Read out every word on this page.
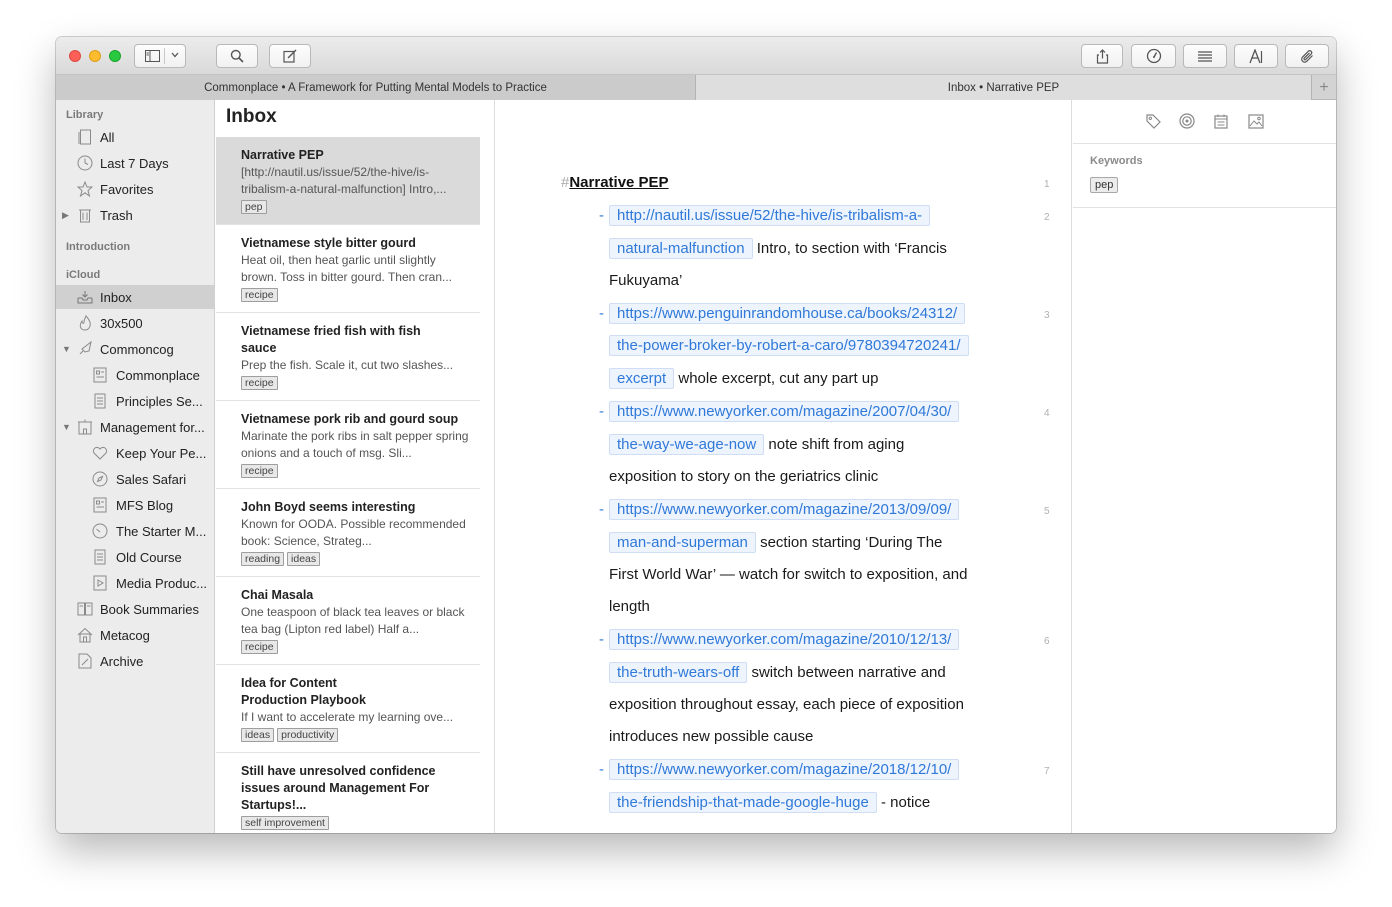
Commonplace • A Framework for Putting Mental Models to Practice	Inbox • Narrative PEP	+
Library
All
Last 7 Days
Favorites
▶ Trash
Introduction
iCloud
Inbox
30x500
▼ Commoncog
Commonplace
Principles Se...
▼ Management for...
Keep Your Pe...
Sales Safari
MFS Blog
The Starter M...
Old Course
Media Produc...
Book Summaries
Metacog
Archive
Inbox
Narrative PEP
[http://nautil.us/issue/52/the-hive/is-tribalism-a-natural-malfunction] Intro,...
pep
Vietnamese style bitter gourd
Heat oil, then heat garlic until slightly brown. Toss in bitter gourd. Then cran...
recipe
Vietnamese fried fish with fish sauce
Prep the fish. Scale it, cut two slashes...
recipe
Vietnamese pork rib and gourd soup
Marinate the pork ribs in salt pepper spring onions and a touch of msg. Sli...
recipe
John Boyd seems interesting
Known for OODA. Possible recommended book: Science, Strateg...
reading	ideas
Chai Masala
One teaspoon of black tea leaves or black tea bag (Lipton red label) Half a...
recipe
Idea for Content Production Playbook
If I want to accelerate my learning ove...
ideas	productivity
Still have unresolved confidence issues around Management For Startups!...
self improvement
#Narrative PEP	1
2
- http://nautil.us/issue/52/the-hive/is-tribalism-a-
natural-malfunction Intro, to section with ‘Francis
Fukuyama’
3
- https://www.penguinrandomhouse.ca/books/24312/
the-power-broker-by-robert-a-caro/9780394720241/
excerpt whole excerpt, cut any part up
4
- https://www.newyorker.com/magazine/2007/04/30/
the-way-we-age-now note shift from aging
exposition to story on the geriatrics clinic
5
- https://www.newyorker.com/magazine/2013/09/09/
man-and-superman section starting ‘During The
First World War’ — watch for switch to exposition, and
length
6
- https://www.newyorker.com/magazine/2010/12/13/
the-truth-wears-off switch between narrative and
exposition throughout essay, each piece of exposition
introduces new possible cause
7
- https://www.newyorker.com/magazine/2018/12/10/
the-friendship-that-made-google-huge - notice
Keywords
pep
